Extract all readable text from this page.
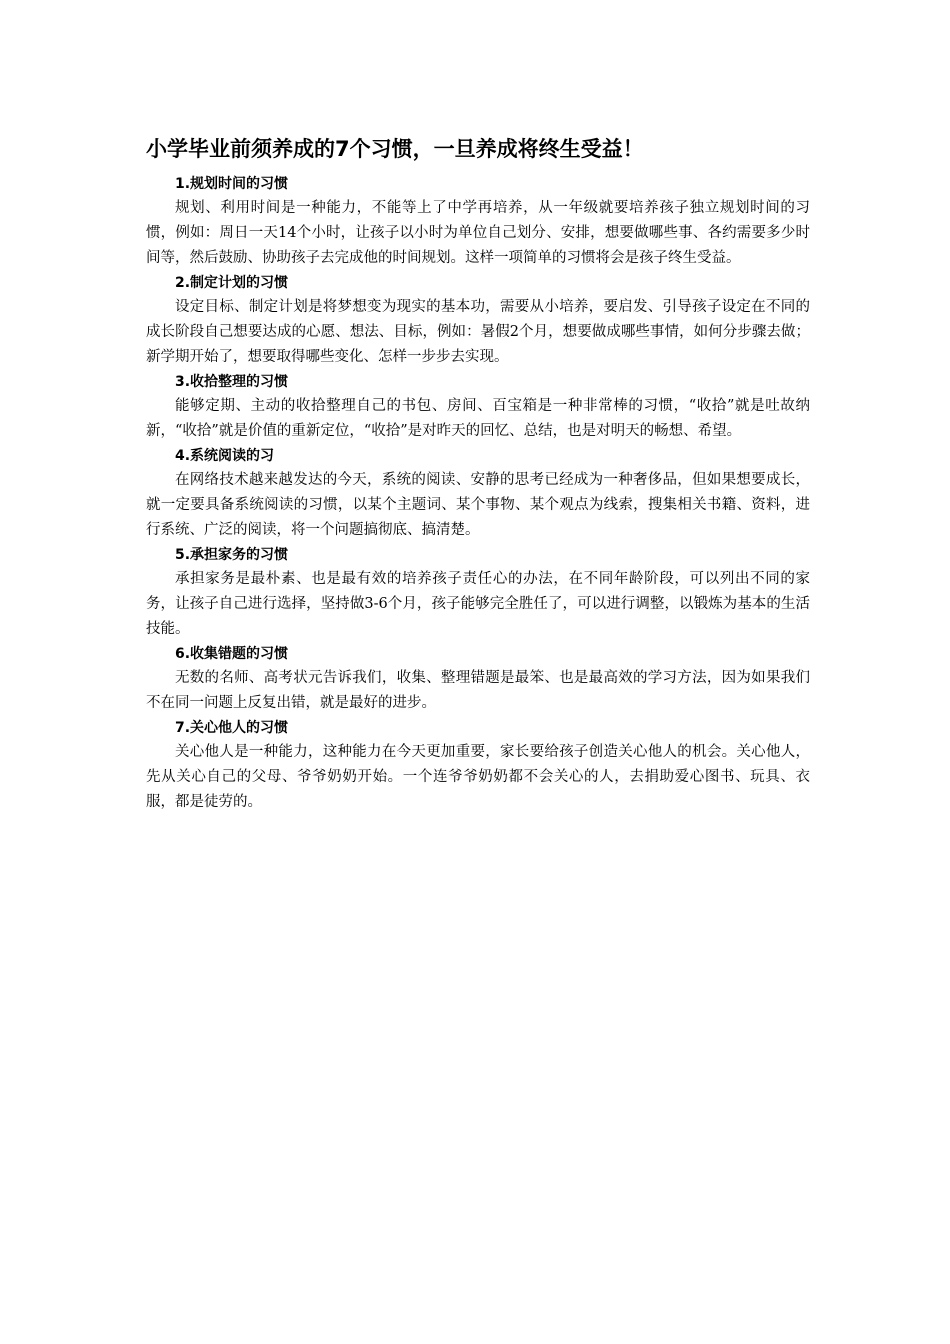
小学毕业前须养成的7个习惯，一旦养成将终生受益！
1.规划时间的习惯

规划、利用时间是一种能力，不能等上了中学再培养，从一年级就要培养孩子独立规划时间的习惯，例如：周日一天14个小时，让孩子以小时为单位自己划分、安排，想要做哪些事、各约需要多少时间等，然后鼓励、协助孩子去完成他的时间规划。这样一项简单的习惯将会是孩子终生受益。

2.制定计划的习惯

设定目标、制定计划是将梦想变为现实的基本功，需要从小培养，要启发、引导孩子设定在不同的成长阶段自己想要达成的心愿、想法、目标，例如：暑假2个月，想要做成哪些事情，如何分步骤去做；新学期开始了，想要取得哪些变化、怎样一步步去实现。

3.收拾整理的习惯

能够定期、主动的收拾整理自己的书包、房间、百宝箱是一种非常棒的习惯，“收拾”就是吐故纳新，“收拾”就是价值的重新定位，“收拾”是对昨天的回忆、总结，也是对明天的畅想、希望。

4.系统阅读的习

在网络技术越来越发达的今天，系统的阅读、安静的思考已经成为一种奢侈品，但如果想要成长，就一定要具备系统阅读的习惯，以某个主题词、某个事物、某个观点为线索，搜集相关书籍、资料，进行系统、广泛的阅读，将一个问题搞彻底、搞清楚。

5.承担家务的习惯

承担家务是最朴素、也是最有效的培养孩子责任心的办法，在不同年龄阶段，可以列出不同的家务，让孩子自己进行选择，坚持做3-6个月，孩子能够完全胜任了，可以进行调整，以锻炼为基本的生活技能。

6.收集错题的习惯

无数的名师、高考状元告诉我们，收集、整理错题是最笨、也是最高效的学习方法，因为如果我们不在同一问题上反复出错，就是最好的进步。

7.关心他人的习惯

关心他人是一种能力，这种能力在今天更加重要，家长要给孩子创造关心他人的机会。关心他人，先从关心自己的父母、爷爷奶奶开始。一个连爷爷奶奶都不会关心的人，去捐助爱心图书、玩具、衣服，都是徒劳的。
